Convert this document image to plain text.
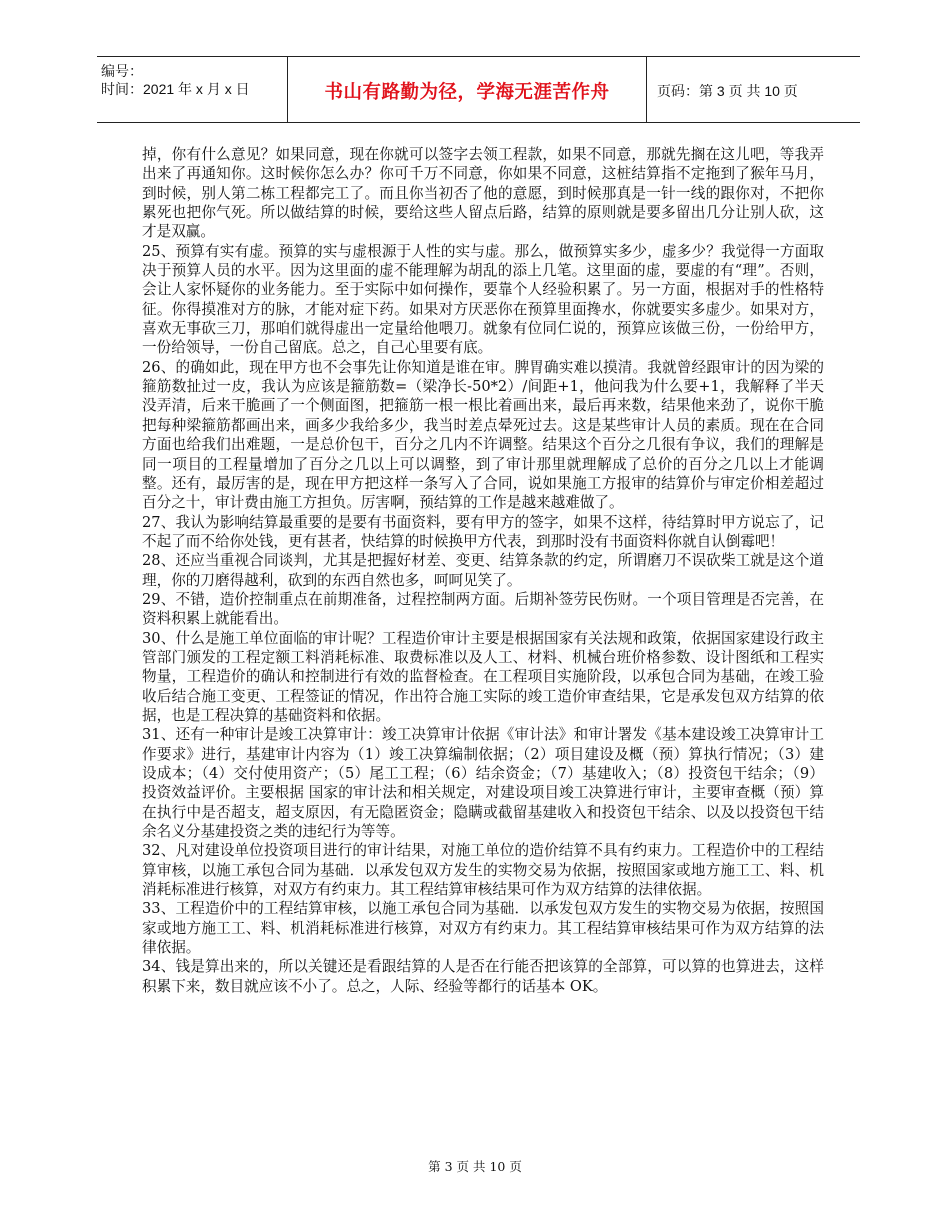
编号：
时间：2021 年 x 月 x 日	书山有路勤为径，学海无涯苦作舟	页码：第 3 页 共 10 页

掉，你有什么意见？如果同意，现在你就可以签字去领工程款，如果不同意，那就先搁在这儿吧，等我弄出来了再通知你。这时候你怎么办？你可千万不同意，你如果不同意，这桩结算指不定拖到了猴年马月，到时候，别人第二栋工程都完工了。而且你当初否了他的意愿，到时候那真是一针一线的跟你对，不把你累死也把你气死。所以做结算的时候，要给这些人留点后路，结算的原则就是要多留出几分让别人砍，这才是双赢。

25、预算有实有虚。预算的实与虚根源于人性的实与虚。那么，做预算实多少，虚多少？我觉得一方面取决于预算人员的水平。因为这里面的虚不能理解为胡乱的添上几笔。这里面的虚，要虚的有“理”。否则，会让人家怀疑你的业务能力。至于实际中如何操作，要靠个人经验积累了。另一方面，根据对手的性格特征。你得摸准对方的脉，才能对症下药。如果对方厌恶你在预算里面搀水，你就要实多虚少。如果对方，喜欢无事砍三刀，那咱们就得虚出一定量给他喂刀。就象有位同仁说的，预算应该做三份，一份给甲方，一份给领导，一份自己留底。总之，自己心里要有底。

26、的确如此，现在甲方也不会事先让你知道是谁在审。脾胃确实难以摸清。我就曾经跟审计的因为梁的箍筋数扯过一皮，我认为应该是箍筋数=（梁净长-50*2）/间距+1，他问我为什么要+1，我解释了半天没弄清，后来干脆画了一个侧面图，把箍筋一根一根比着画出来，最后再来数，结果他来劲了，说你干脆把每种梁箍筋都画出来，画多少我给多少，我当时差点晕死过去。这是某些审计人员的素质。现在在合同方面也给我们出难题，一是总价包干，百分之几内不许调整。结果这个百分之几很有争议，我们的理解是同一项目的工程量增加了百分之几以上可以调整，到了审计那里就理解成了总价的百分之几以上才能调整。还有，最厉害的是，现在甲方把这样一条写入了合同，说如果施工方报审的结算价与审定价相差超过百分之十，审计费由施工方担负。厉害啊，预结算的工作是越来越难做了。

27、我认为影响结算最重要的是要有书面资料，要有甲方的签字，如果不这样，待结算时甲方说忘了，记不起了而不给你处钱，更有甚者，快结算的时候换甲方代表，到那时没有书面资料你就自认倒霉吧！

28、还应当重视合同谈判，尤其是把握好材差、变更、结算条款的约定，所谓磨刀不误砍柴工就是这个道理，你的刀磨得越利，砍到的东西自然也多，呵呵见笑了。

29、不错，造价控制重点在前期准备，过程控制两方面。后期补签劳民伤财。一个项目管理是否完善，在资料积累上就能看出。

30、什么是施工单位面临的审计呢？工程造价审计主要是根据国家有关法规和政策，依据国家建设行政主管部门颁发的工程定额工料消耗标准、取费标准以及人工、材料、机械台班价格参数、设计图纸和工程实物量，工程造价的确认和控制进行有效的监督检查。在工程项目实施阶段，以承包合同为基础，在竣工验收后结合施工变更、工程签证的情况，作出符合施工实际的竣工造价审查结果，它是承发包双方结算的依据，也是工程决算的基础资料和依据。

31、还有一种审计是竣工决算审计：竣工决算审计依据《审计法》和审计署发《基本建设竣工决算审计工作要求》进行，基建审计内容为（1）竣工决算编制依据；（2）项目建设及概（预）算执行情况；（3）建设成本；（4）交付使用资产；（5）尾工工程；（6）结余资金；（7）基建收入；（8）投资包干结余；（9）投资效益评价。主要根据 国家的审计法和相关规定，对建设项目竣工决算进行审计，主要审查概（预）算在执行中是否超支，超支原因，有无隐匿资金；隐瞒或截留基建收入和投资包干结余、以及以投资包干结余名义分基建投资之类的违纪行为等等。

32、凡对建设单位投资项目进行的审计结果，对施工单位的造价结算不具有约束力。工程造价中的工程结算审核，以施工承包合同为基础．以承发包双方发生的实物交易为依据，按照国家或地方施工工、料、机消耗标准进行核算，对双方有约束力。其工程结算审核结果可作为双方结算的法律依据。

33、工程造价中的工程结算审核，以施工承包合同为基础．以承发包双方发生的实物交易为依据，按照国家或地方施工工、料、机消耗标准进行核算，对双方有约束力。其工程结算审核结果可作为双方结算的法律依据。

34、钱是算出来的，所以关键还是看跟结算的人是否在行能否把该算的全部算，可以算的也算进去，这样积累下来，数目就应该不小了。总之，人际、经验等都行的话基本 OK。

第 3 页 共 10 页
